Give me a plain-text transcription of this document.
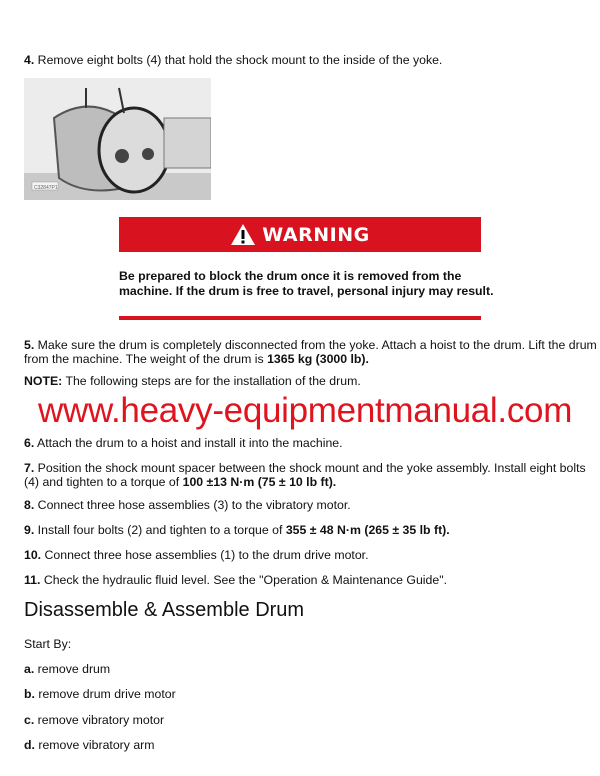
4. Remove eight bolts (4) that hold the shock mount to the inside of the yoke.
C32847P1
WARNING
Be prepared to block the drum once it is removed from the
machine. If the drum is free to travel, personal injury may result.
5. Make sure the drum is completely disconnected from the yoke. Attach a hoist to the drum. Lift the drum
from the machine. The weight of the drum is 1365 kg (3000 lb).
NOTE: The following steps are for the installation of the drum.
www.heavy-equipmentmanual.com
6. Attach the drum to a hoist and install it into the machine.
7. Position the shock mount spacer between the shock mount and the yoke assembly. Install eight bolts
(4) and tighten to a torque of 100 ±13 N·m (75 ± 10 lb ft).
8. Connect three hose assemblies (3) to the vibratory motor.
9. Install four bolts (2) and tighten to a torque of 355 ± 48 N·m (265 ± 35 lb ft).
10. Connect three hose assemblies (1) to the drum drive motor.
11. Check the hydraulic fluid level. See the "Operation & Maintenance Guide".
Disassemble & Assemble Drum
Start By:
a. remove drum
b. remove drum drive motor
c. remove vibratory motor
d. remove vibratory arm
